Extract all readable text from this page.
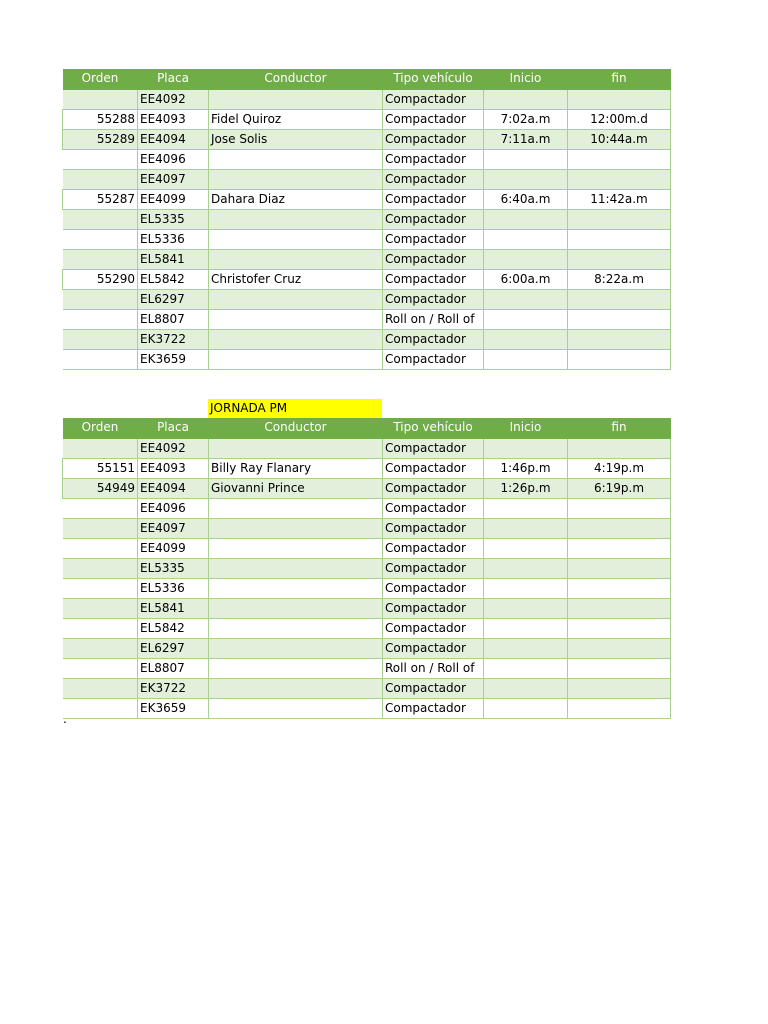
Orden	Placa	Conductor	Tipo vehículo	Inicio	fin
	EE4092		Compactador		
55288	EE4093	Fidel Quiroz	Compactador	7:02a.m	12:00m.d
55289	EE4094	Jose Solis	Compactador	7:11a.m	10:44a.m
	EE4096		Compactador		
	EE4097		Compactador		
55287	EE4099	Dahara Diaz	Compactador	6:40a.m	11:42a.m
	EL5335		Compactador		
	EL5336		Compactador		
	EL5841		Compactador		
55290	EL5842	Christofer Cruz	Compactador	6:00a.m	8:22a.m
	EL6297		Compactador		
	EL8807		Roll on / Roll of		
	EK3722		Compactador		
	EK3659		Compactador		
JORNADA PM
Orden	Placa	Conductor	Tipo vehículo	Inicio	fin
	EE4092		Compactador		
55151	EE4093	Billy Ray Flanary	Compactador	1:46p.m	4:19p.m
54949	EE4094	Giovanni Prince	Compactador	1:26p.m	6:19p.m
	EE4096		Compactador		
	EE4097		Compactador		
	EE4099		Compactador		
	EL5335		Compactador		
	EL5336		Compactador		
	EL5841		Compactador		
	EL5842		Compactador		
	EL6297		Compactador		
	EL8807		Roll on / Roll of		
	EK3722		Compactador		
	EK3659		Compactador		
.
